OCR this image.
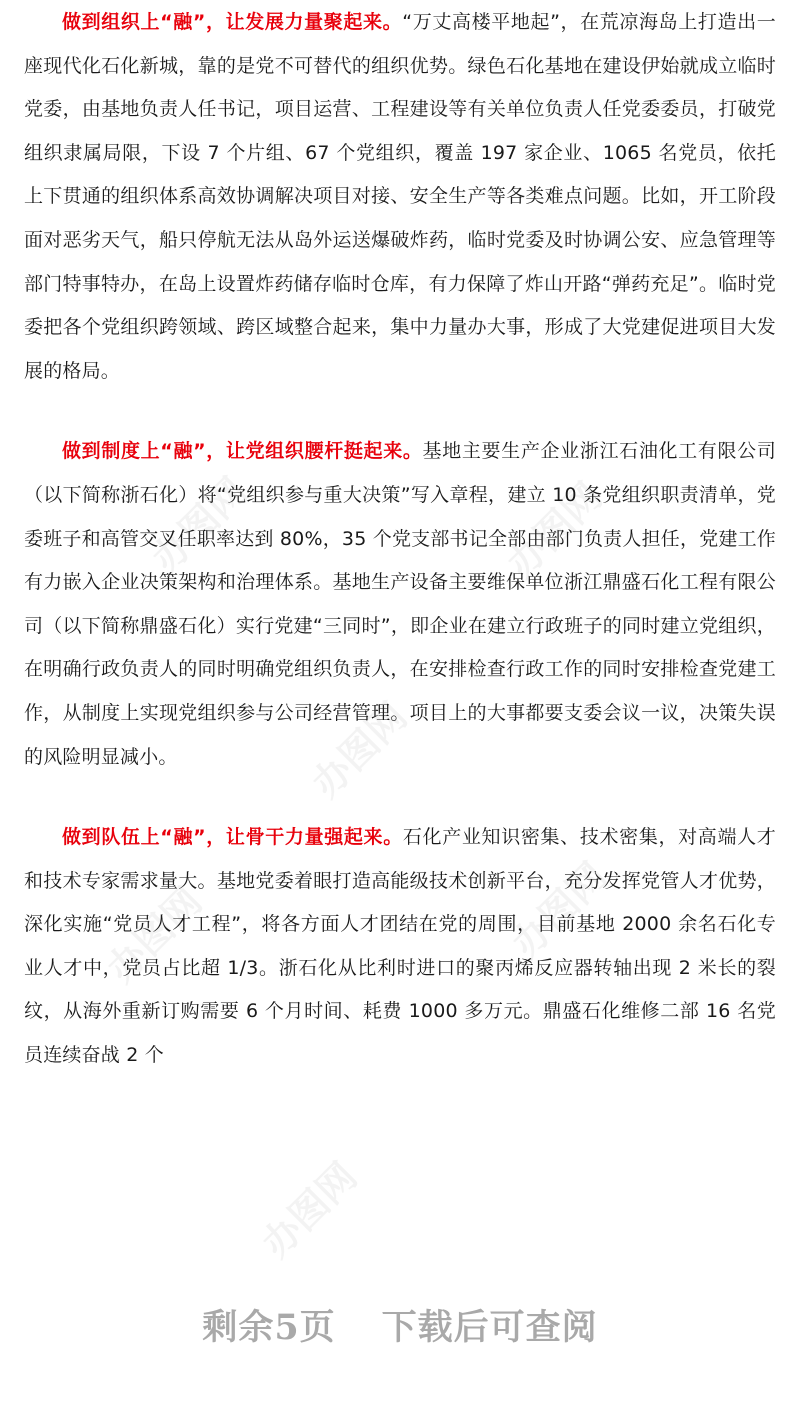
办图网	办图网
办图网
办图网	办图网
办图网

做到组织上“融”，让发展力量聚起来。“万丈高楼平地起”，在荒凉海岛上打造出一座现代化石化新城，靠的是党不可替代的组织优势。绿色石化基地在建设伊始就成立临时党委，由基地负责人任书记，项目运营、工程建设等有关单位负责人任党委委员，打破党组织隶属局限，下设 7 个片组、67 个党组织，覆盖 197 家企业、1065 名党员，依托上下贯通的组织体系高效协调解决项目对接、安全生产等各类难点问题。比如，开工阶段面对恶劣天气，船只停航无法从岛外运送爆破炸药，临时党委及时协调公安、应急管理等部门特事特办，在岛上设置炸药储存临时仓库，有力保障了炸山开路“弹药充足”。临时党委把各个党组织跨领域、跨区域整合起来，集中力量办大事，形成了大党建促进项目大发展的格局。

做到制度上“融”，让党组织腰杆挺起来。基地主要生产企业浙江石油化工有限公司（以下简称浙石化）将“党组织参与重大决策”写入章程，建立 10 条党组织职责清单，党委班子和高管交叉任职率达到 80%，35 个党支部书记全部由部门负责人担任，党建工作有力嵌入企业决策架构和治理体系。基地生产设备主要维保单位浙江鼎盛石化工程有限公司（以下简称鼎盛石化）实行党建“三同时”，即企业在建立行政班子的同时建立党组织，在明确行政负责人的同时明确党组织负责人，在安排检查行政工作的同时安排检查党建工作，从制度上实现党组织参与公司经营管理。项目上的大事都要支委会议一议，决策失误的风险明显减小。

做到队伍上“融”，让骨干力量强起来。石化产业知识密集、技术密集，对高端人才和技术专家需求量大。基地党委着眼打造高能级技术创新平台，充分发挥党管人才优势，深化实施“党员人才工程”，将各方面人才团结在党的周围，目前基地 2000 余名石化专业人才中，党员占比超 1/3。浙石化从比利时进口的聚丙烯反应器转轴出现 2 米长的裂纹，从海外重新订购需要 6 个月时间、耗费 1000 多万元。鼎盛石化维修二部 16 名党员连续奋战 2 个

剩余5页 下载后可查阅
